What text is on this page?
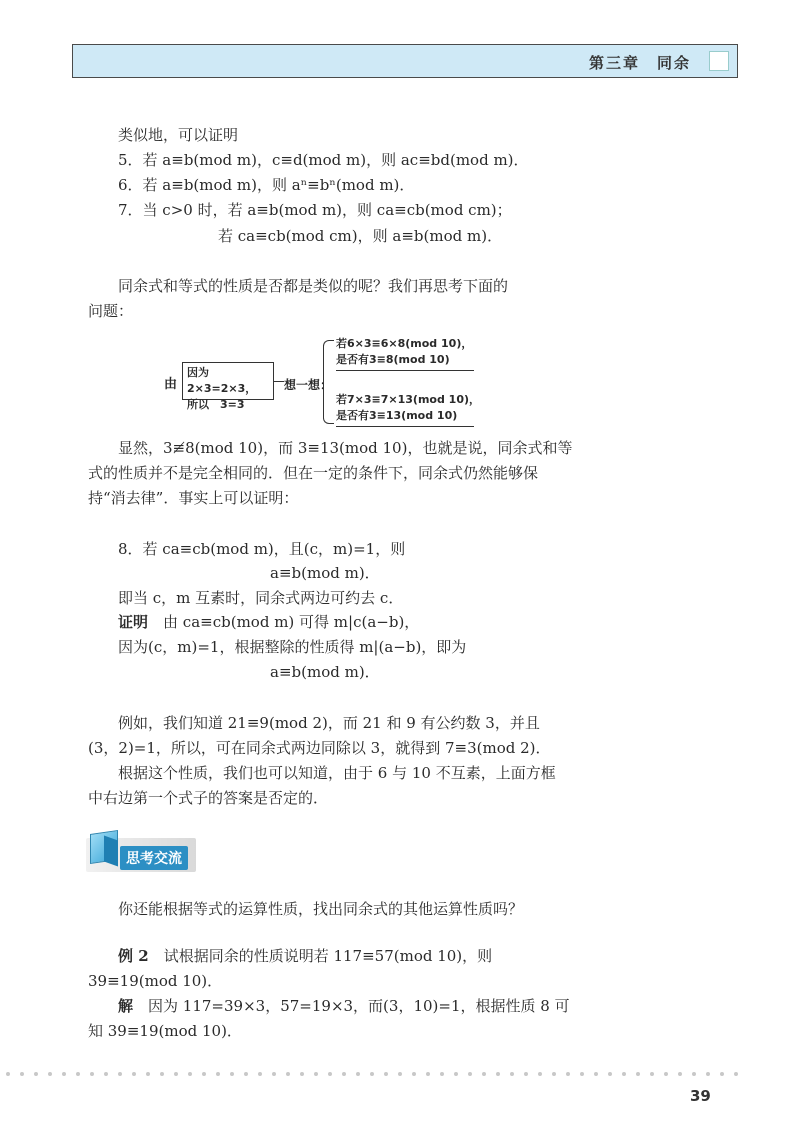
第三章　 同余
类似地，可以证明
5．若 a≡b(mod m)，c≡d(mod m)，则 ac≡bd(mod m)．
6．若 a≡b(mod m)，则 aⁿ≡bⁿ(mod m)．
7．当 c>0 时，若 a≡b(mod m)，则 ca≡cb(mod cm)；
若 ca≡cb(mod cm)，则 a≡b(mod m)．
同余式和等式的性质是否都是类似的呢？我们再思考下面的
问题：
由
因为2×3=2×3，
所以　3=3
想一想：
若6×3≡6×8(mod 10)，
是否有3≡8(mod 10)
若7×3≡7×13(mod 10)，
是否有3≡13(mod 10)
显然，3≢8(mod 10)，而 3≡13(mod 10)，也就是说，同余式和等
式的性质并不是完全相同的．但在一定的条件下，同余式仍然能够保
持“消去律”．事实上可以证明：
8．若 ca≡cb(mod m)，且(c，m)=1，则
a≡b(mod m)．
即当 c，m 互素时，同余式两边可约去 c．
证明　 由 ca≡cb(mod m) 可得 m|c(a−b)，
因为(c，m)=1，根据整除的性质得 m|(a−b)，即为
a≡b(mod m)．
例如，我们知道 21≡9(mod 2)，而 21 和 9 有公约数 3，并且
(3，2)=1，所以，可在同余式两边同除以 3，就得到 7≡3(mod 2)．
根据这个性质，我们也可以知道，由于 6 与 10 不互素，上面方框
中右边第一个式子的答案是否定的．
思考交流
你还能根据等式的运算性质，找出同余式的其他运算性质吗？
例 2　 试根据同余的性质说明若 117≡57(mod 10)，则
39≡19(mod 10)．
解　 因为 117=39×3，57=19×3，而(3，10)=1，根据性质 8 可
知 39≡19(mod 10)．
39
